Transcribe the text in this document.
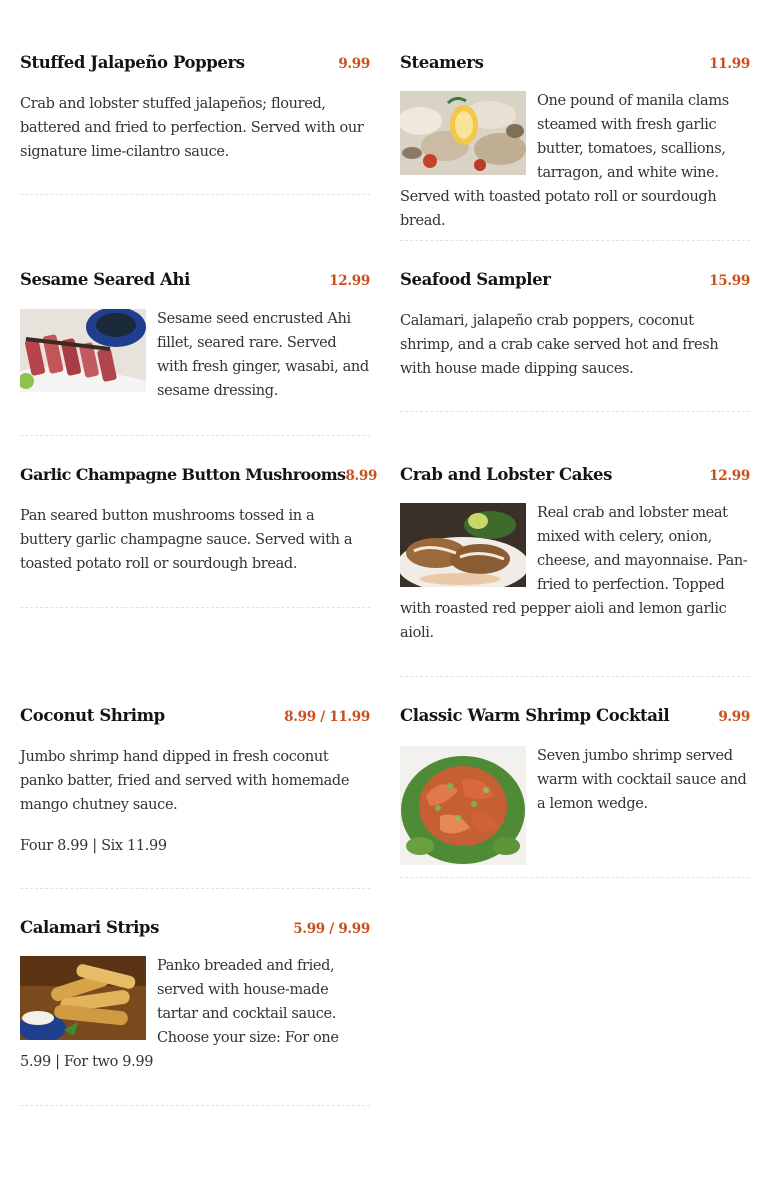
Stuffed Jalapeño Poppers	9.99
Crab and lobster stuffed jalapeños; floured, battered and fried to perfection. Served with our signature lime-cilantro sauce.
Steamers	11.99
One pound of manila clams steamed with fresh garlic butter, tomatoes, scallions, tarragon, and white wine. Served with toasted potato roll or sourdough bread.
Sesame Seared Ahi	12.99
Sesame seed encrusted Ahi fillet, seared rare. Served with fresh ginger, wasabi, and sesame dressing.
Seafood Sampler	15.99
Calamari, jalapeño crab poppers, coconut shrimp, and a crab cake served hot and fresh with house made dipping sauces.
Garlic Champagne Button Mushrooms 8.99
Pan seared button mushrooms tossed in a buttery garlic champagne sauce. Served with a toasted potato roll or sourdough bread.
Crab and Lobster Cakes	12.99
Real crab and lobster meat mixed with celery, onion, cheese, and mayonnaise. Pan-fried to perfection. Topped with roasted red pepper aioli and lemon garlic aioli.
Coconut Shrimp	8.99 / 11.99
Jumbo shrimp hand dipped in fresh coconut panko batter, fried and served with homemade mango chutney sauce.
Four 8.99 | Six 11.99
Classic Warm Shrimp Cocktail	9.99
Seven jumbo shrimp served warm with cocktail sauce and a lemon wedge.
Calamari Strips	5.99 / 9.99
Panko breaded and fried, served with house-made tartar and cocktail sauce. Choose your size: For one 5.99 | For two 9.99
